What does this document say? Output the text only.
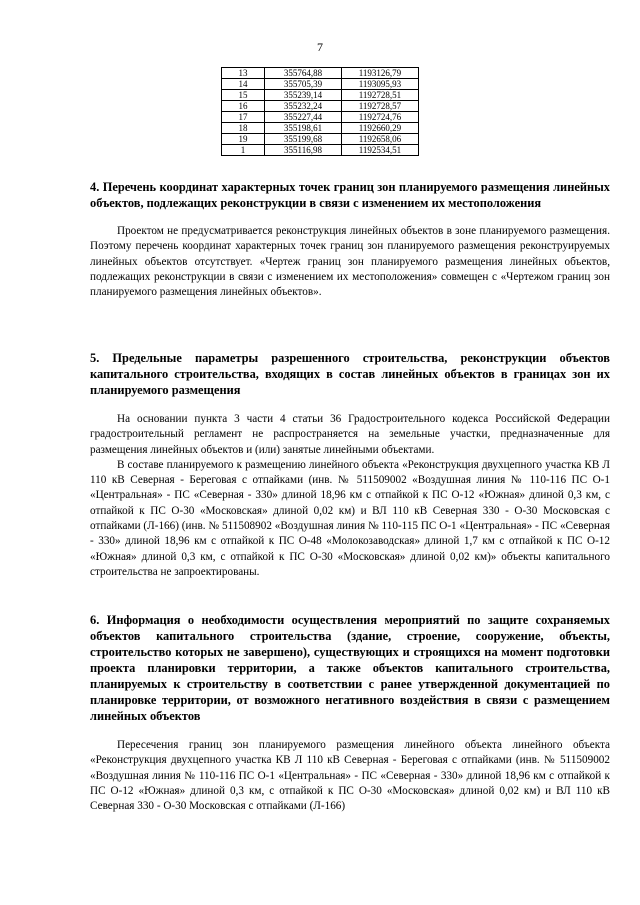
7
13	355764,88	1193126,79
14	355705,39	1193095,93
15	355239,14	1192728,51
16	355232,24	1192728,57
17	355227,44	1192724,76
18	355198,61	1192660,29
19	355199,68	1192658,06
1	355116,98	1192534,51

4. Перечень координат характерных точек границ зон планируемого размещения линейных объектов, подлежащих реконструкции в связи с изменением их местоположения

Проектом не предусматривается реконструкция линейных объектов в зоне планируемого размещения. Поэтому перечень координат характерных точек границ зон планируемого размещения реконструируемых линейных объектов отсутствует. «Чертеж границ зон планируемого размещения линейных объектов, подлежащих реконструкции в связи с изменением их местоположения» совмещен с «Чертежом границ зон планируемого размещения линейных объектов».

5. Предельные параметры разрешенного строительства, реконструкции объектов капитального строительства, входящих в состав линейных объектов в границах зон их планируемого размещения

На основании пункта 3 части 4 статьи 36 Градостроительного кодекса Российской Федерации градостроительный регламент не распространяется на земельные участки, предназначенные для размещения линейных объектов и (или) занятые линейными объектами.

В составе планируемого к размещению линейного объекта «Реконструкция двухцепного участка КВ Л 110 кВ Северная - Береговая с отпайками (инв. № 511509002 «Воздушная линия № 110-116 ПС О-1 «Центральная» - ПС «Северная - 330» длиной 18,96 км с отпайкой к ПС О-12 «Южная» длиной 0,3 км, с отпайкой к ПС О-30 «Московская» длиной 0,02 км) и ВЛ 110 кВ Северная 330 - О-30 Московская с отпайками (Л-166) (инв. № 511508902 «Воздушная линия № 110-115 ПС О-1 «Центральная» - ПС «Северная - 330» длиной 18,96 км с отпайкой к ПС О-48 «Молокозаводская» длиной 1,7 км с отпайкой к ПС О-12 «Южная» длиной 0,3 км, с отпайкой к ПС О-30 «Московская» длиной 0,02 км)» объекты капитального строительства не запроектированы.

6. Информация о необходимости осуществления мероприятий по защите сохраняемых объектов капитального строительства (здание, строение, сооружение, объекты, строительство которых не завершено), существующих и строящихся на момент подготовки проекта планировки территории, а также объектов капитального строительства, планируемых к строительству в соответствии с ранее утвержденной документацией по планировке территории, от возможного негативного воздействия в связи с размещением линейных объектов

Пересечения границ зон планируемого размещения линейного объекта линейного объекта «Реконструкция двухцепного участка КВ Л 110 кВ Северная - Береговая с отпайками (инв. № 511509002 «Воздушная линия № 110-116 ПС О-1 «Центральная» - ПС «Северная - 330» длиной 18,96 км с отпайкой к ПС О-12 «Южная» длиной 0,3 км, с отпайкой к ПС О-30 «Московская» длиной 0,02 км) и ВЛ 110 кВ Северная 330 - О-30 Московская с отпайками (Л-166)
